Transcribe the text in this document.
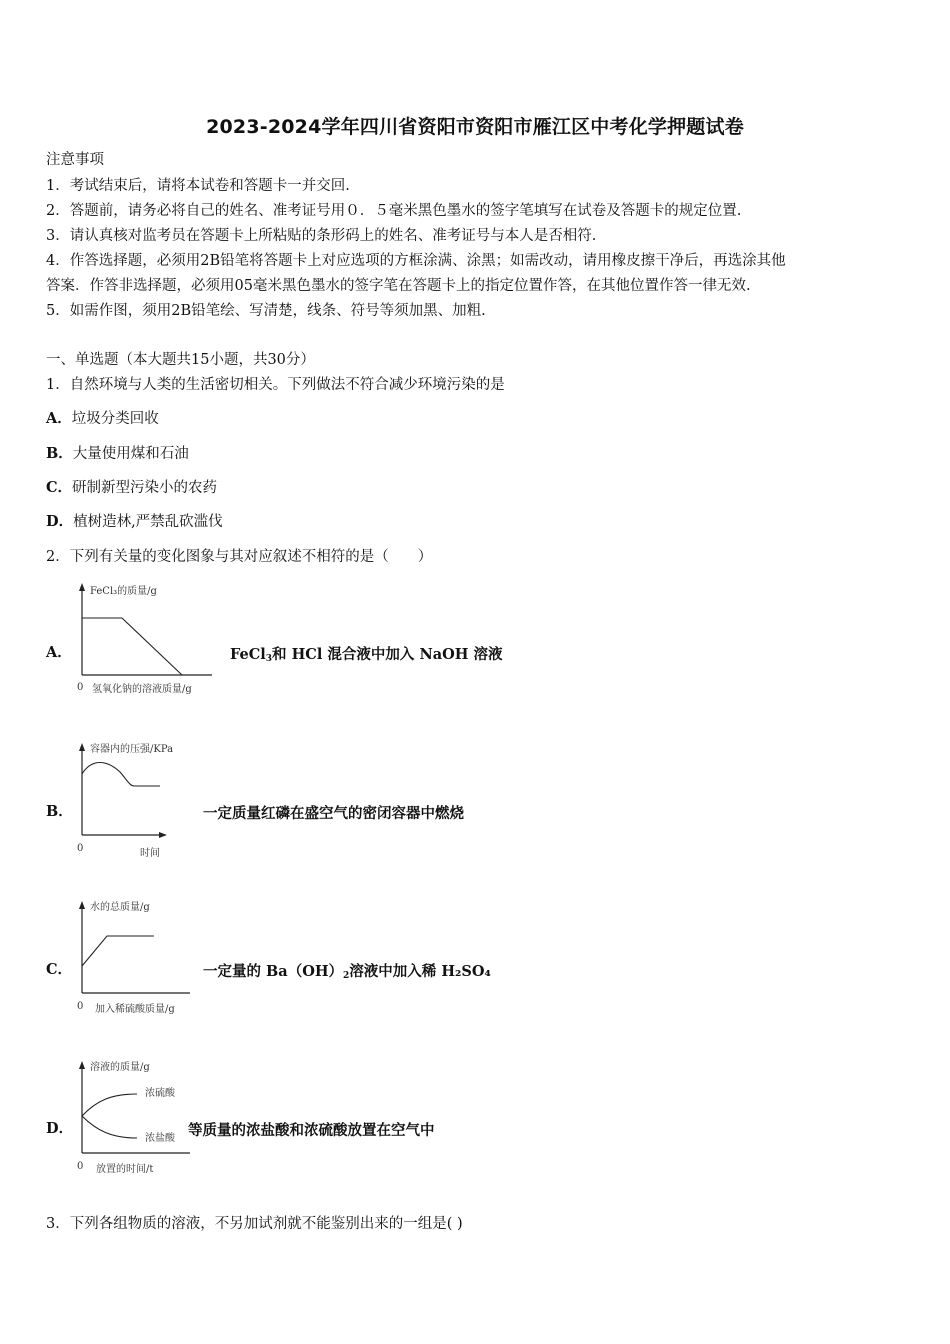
2023-2024学年四川省资阳市资阳市雁江区中考化学押题试卷
注意事项
1．考试结束后，请将本试卷和答题卡一并交回.
2．答题前，请务必将自己的姓名、准考证号用０．５毫米黑色墨水的签字笔填写在试卷及答题卡的规定位置.
3．请认真核对监考员在答题卡上所粘贴的条形码上的姓名、准考证号与本人是否相符.
4．作答选择题，必须用2B铅笔将答题卡上对应选项的方框涂满、涂黑；如需改动，请用橡皮擦干净后，再选涂其他
答案．作答非选择题，必须用05毫米黑色墨水的签字笔在答题卡上的指定位置作答，在其他位置作答一律无效.
5．如需作图，须用2B铅笔绘、写清楚，线条、符号等须加黑、加粗.
一、单选题（本大题共15小题，共30分）
1．自然环境与人类的生活密切相关。下列做法不符合减少环境污染的是
A．垃圾分类回收
B．大量使用煤和石油
C．研制新型污染小的农药
D．植树造林,严禁乱砍滥伐
2．下列有关量的变化图象与其对应叙述不相符的是（　　）
A．
FeCl₃的质量/g
0 氢氧化钠的溶液质量/g
FeCl$_3$和 HCl 混合液中加入 NaOH 溶液
B．
容器内的压强/KPa
0	时间
一定质量红磷在盛空气的密闭容器中燃烧
C．
水的总质量/g
0 加入稀硫酸质量/g
一定量的 $Ba(OH)_2$溶液中加入稀 H₂SO₄
D．
溶液的质量/g
浓硫酸
浓盐酸
0 放置的时间/t
等质量的浓盐酸和浓硫酸放置在空气中
3．下列各组物质的溶液，不另加试剂就不能鉴别出来的一组是( )
